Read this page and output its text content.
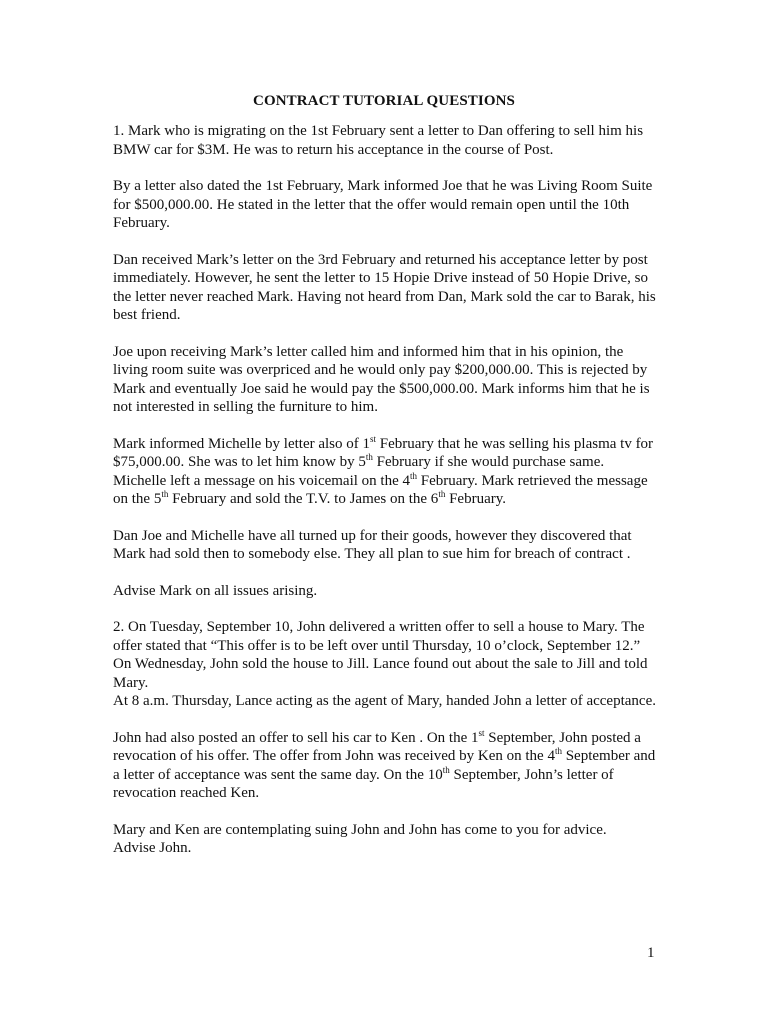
CONTRACT TUTORIAL QUESTIONS

1. Mark who is migrating on the 1st February sent a letter to Dan offering to sell him his BMW car for $3M. He was to return his acceptance in the course of Post.

By a letter also dated the 1st February, Mark informed Joe that he was Living Room Suite for $500,000.00. He stated in the letter that the offer would remain open until the 10th February.

Dan received Mark’s letter on the 3rd February and returned his acceptance letter by post immediately. However, he sent the letter to 15 Hopie Drive instead of 50 Hopie Drive, so the letter never reached Mark. Having not heard from Dan, Mark sold the car to Barak, his best friend.

Joe upon receiving Mark’s letter called him and informed him that in his opinion, the living room suite was overpriced and he would only pay $200,000.00. This is rejected by Mark and eventually Joe said he would pay the $500,000.00. Mark informs him that he is not interested in selling the furniture to him.

Mark informed Michelle by letter also of 1st February that he was selling his plasma tv for $75,000.00. She was to let him know by 5th February if she would purchase same. Michelle left a message on his voicemail on the 4th February. Mark retrieved the message on the 5th February and sold the T.V. to James on the 6th February.

Dan Joe and Michelle have all turned up for their goods, however they discovered that Mark had sold then to somebody else. They all plan to sue him for breach of contract .

Advise Mark on all issues arising.

2. On Tuesday, September 10, John delivered a written offer to sell a house to Mary. The offer stated that “This offer is to be left over until Thursday, 10 o’clock, September 12.” On Wednesday, John sold the house to Jill. Lance found out about the sale to Jill and told Mary.

At 8 a.m. Thursday, Lance acting as the agent of Mary, handed John a letter of acceptance.

John had also posted an offer to sell his car to Ken . On the 1st September, John posted a revocation of his offer. The offer from John was received by Ken on the 4th September and a letter of acceptance was sent the same day. On the 10th September, John’s letter of revocation reached Ken.

Mary and Ken are contemplating suing John and John has come to you for advice.

Advise John.

1
